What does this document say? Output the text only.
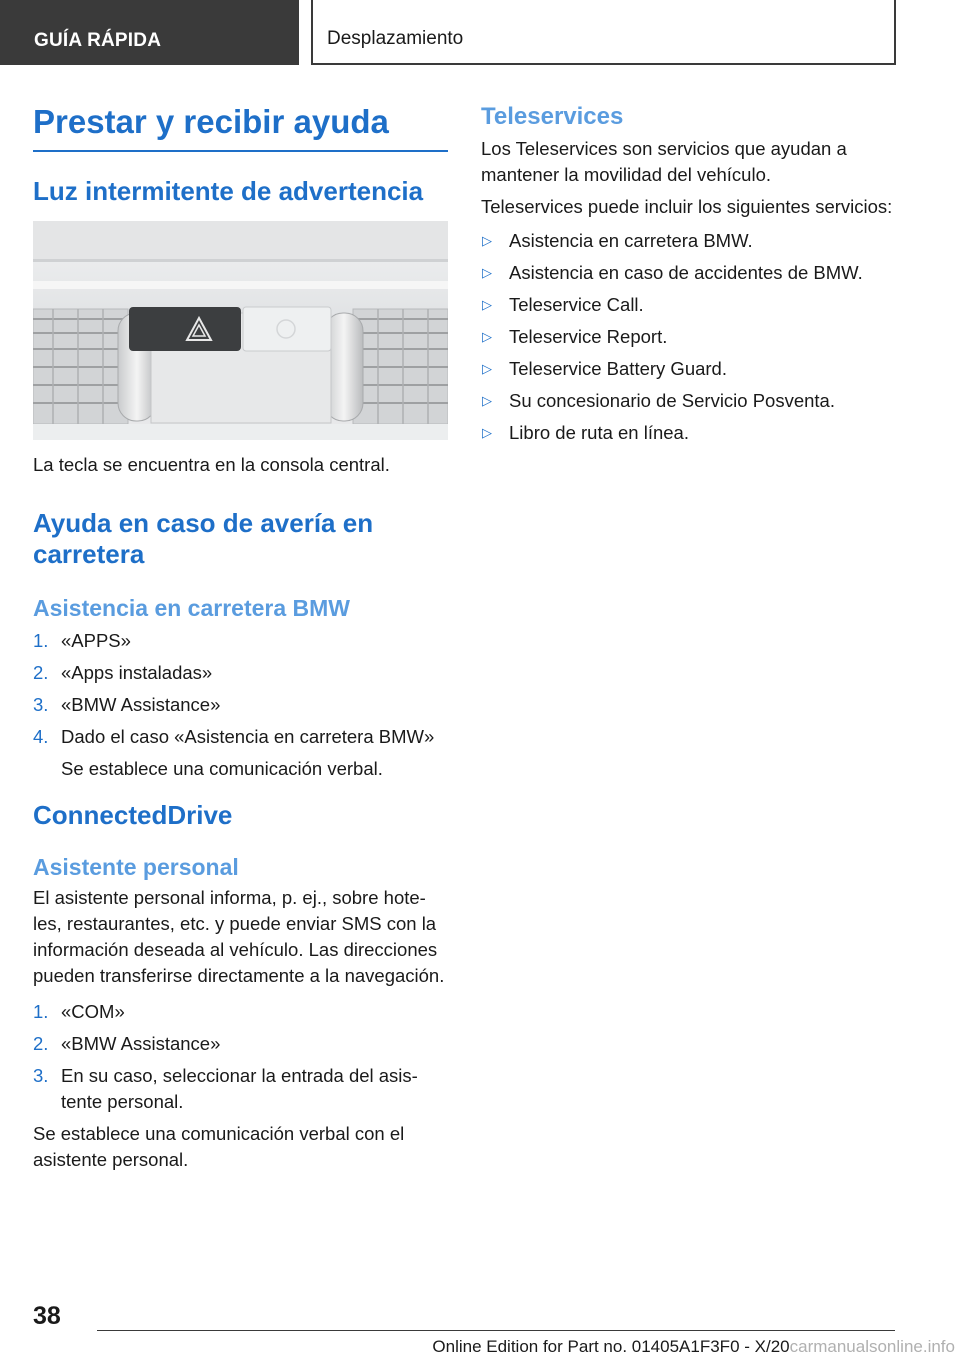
GUÍA RÁPIDA	Desplazamiento
Prestar y recibir ayuda
Luz intermitente de advertencia
La tecla se encuentra en la consola central.
Ayuda en caso de avería en carretera
Asistencia en carretera BMW
1. «APPS»
2. «Apps instaladas»
3. «BMW Assistance»
4. Dado el caso «Asistencia en carretera BMW»
Se establece una comunicación verbal.
ConnectedDrive
Asistente personal
El asistente personal informa, p. ej., sobre hoteles, restaurantes, etc. y puede enviar SMS con la información deseada al vehículo. Las direcciones pueden transferirse directamente a la navegación.
1. «COM»
2. «BMW Assistance»
3. En su caso, seleccionar la entrada del asistente personal.
Se establece una comunicación verbal con el asistente personal.
Teleservices
Los Teleservices son servicios que ayudan a mantener la movilidad del vehículo.
Teleservices puede incluir los siguientes servicios:
▷ Asistencia en carretera BMW.
▷ Asistencia en caso de accidentes de BMW.
▷ Teleservice Call.
▷ Teleservice Report.
▷ Teleservice Battery Guard.
▷ Su concesionario de Servicio Posventa.
▷ Libro de ruta en línea.
38
Online Edition for Part no. 01405A1F3F0 - X/20carmanualsonline.info
